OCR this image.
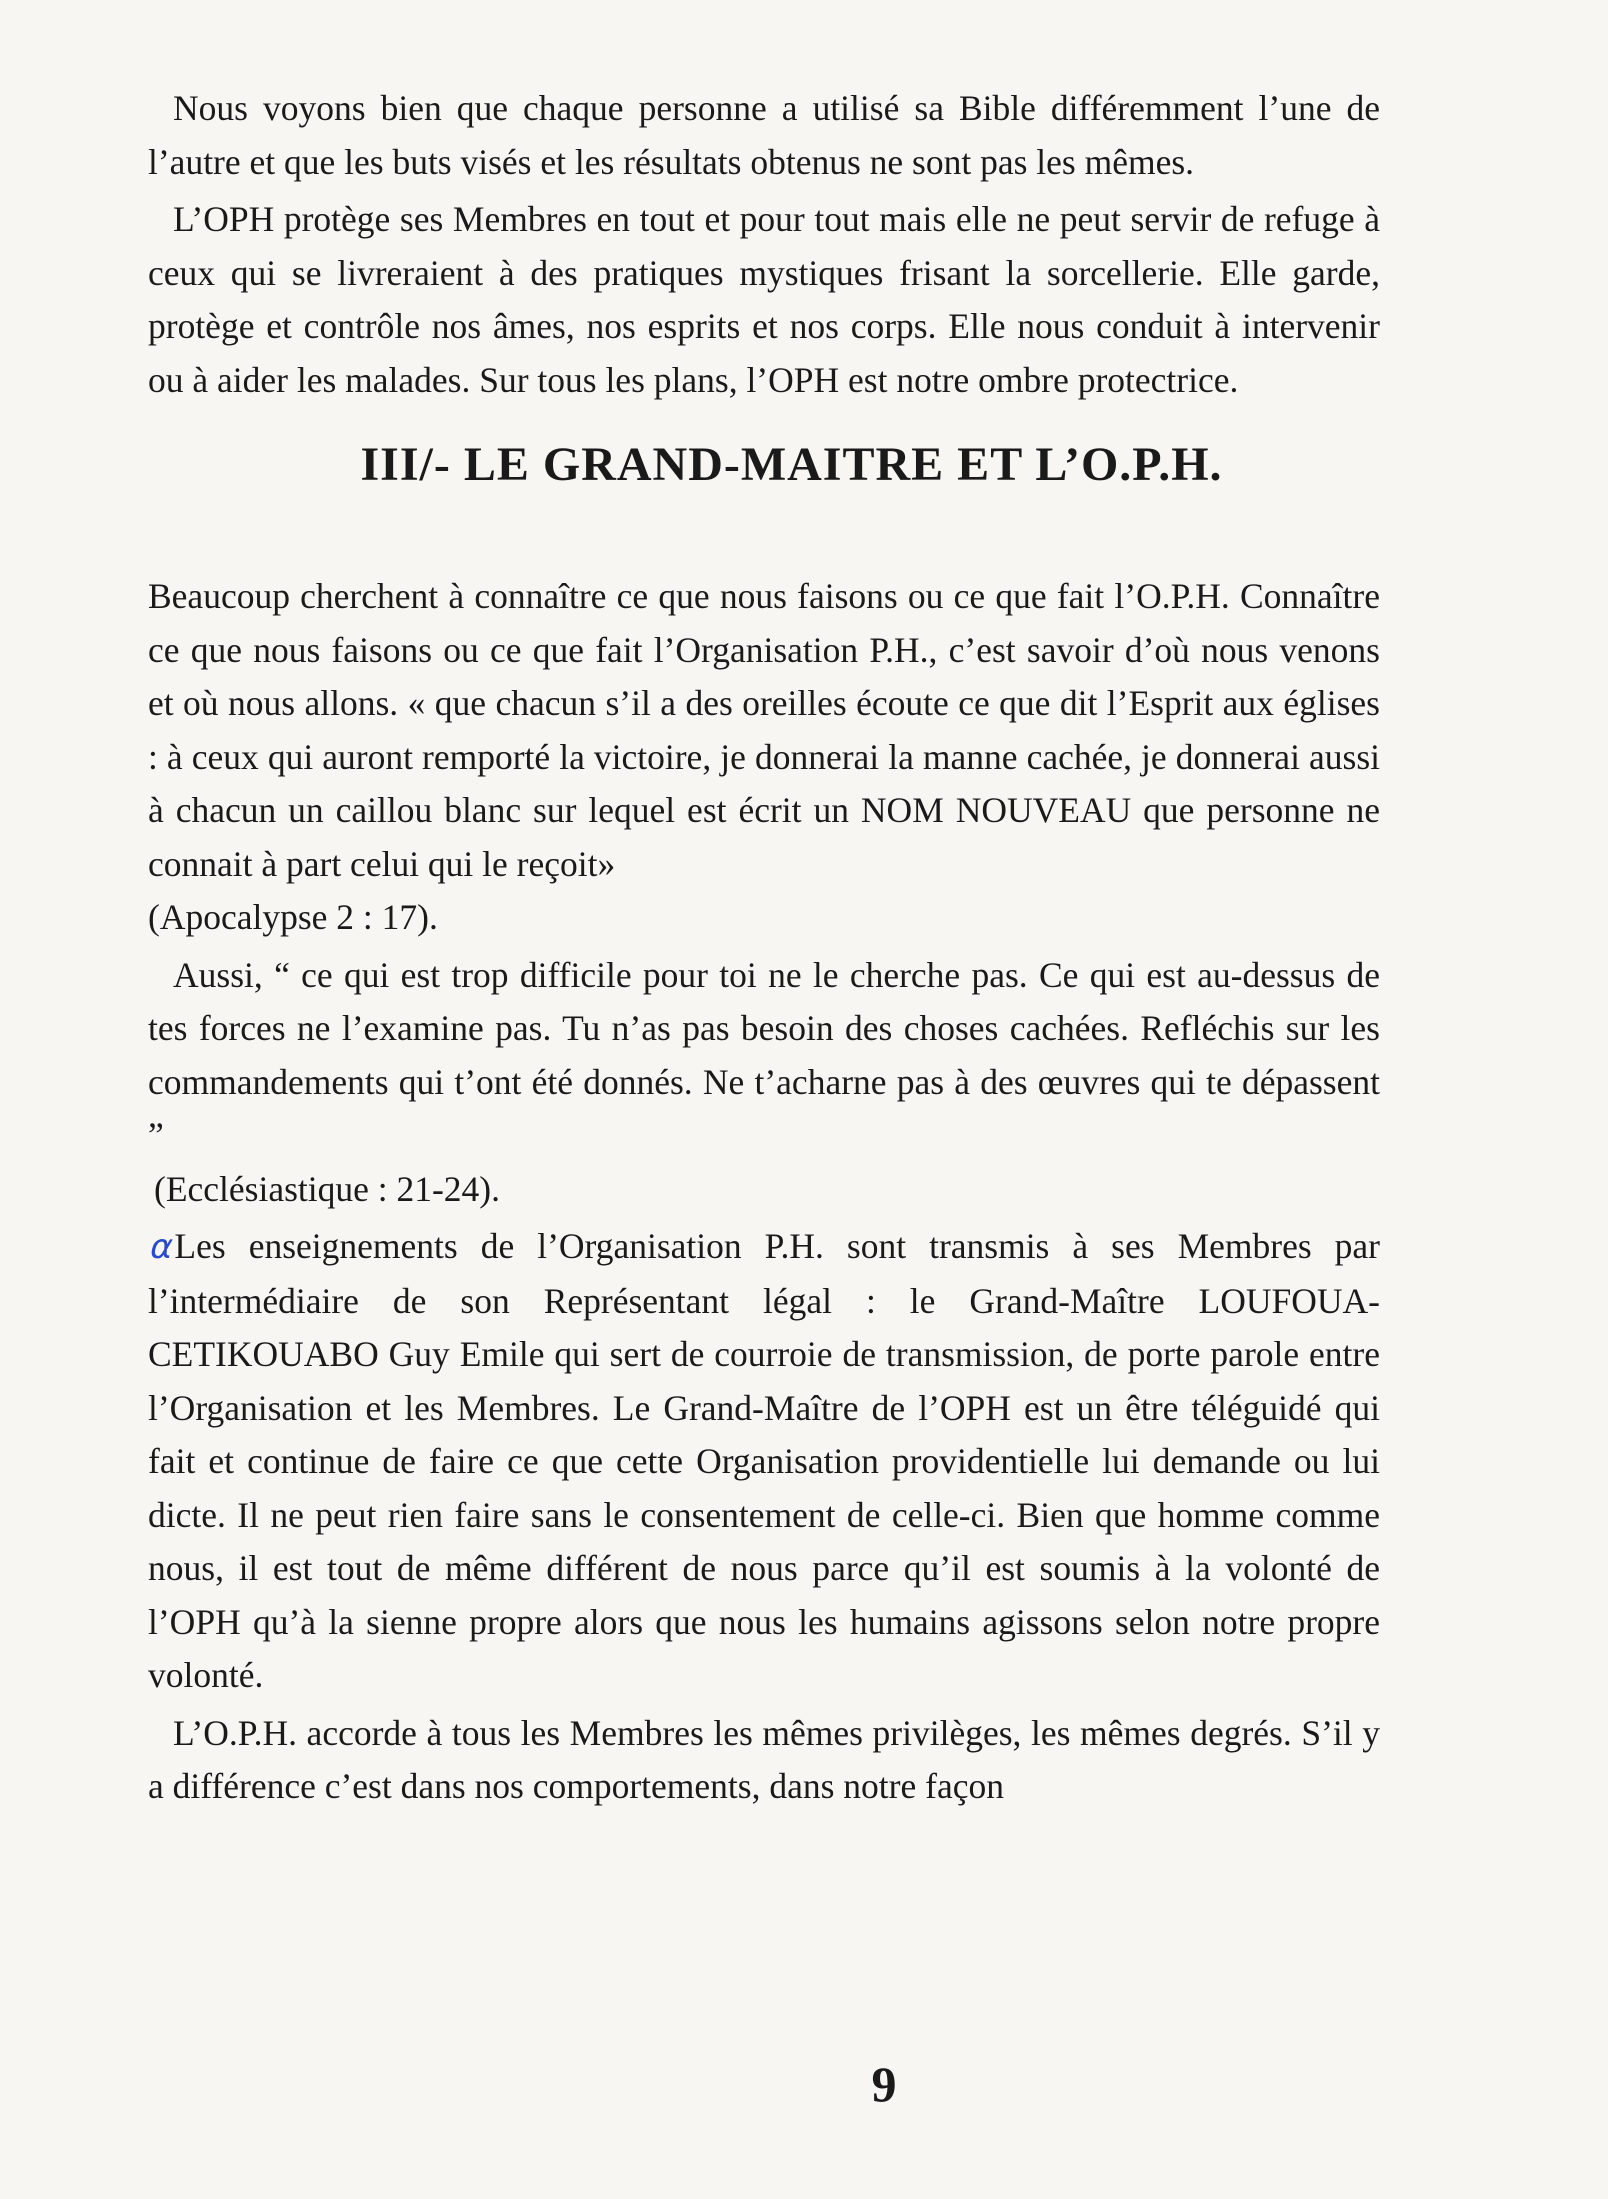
Nous voyons bien que chaque personne a utilisé sa Bible différemment l’une de l’autre et que les buts visés et les résultats obtenus ne sont pas les mêmes.

L’OPH protège ses Membres en tout et pour tout mais elle ne peut servir de refuge à ceux qui se livreraient à des pratiques mystiques frisant la sorcellerie. Elle garde, protège et contrôle nos âmes, nos esprits et nos corps. Elle nous conduit à intervenir ou à aider les malades. Sur tous les plans, l’OPH est notre ombre protectrice.

III/- LE GRAND-MAITRE ET L’O.P.H.

Beaucoup cherchent à connaître ce que nous faisons ou ce que fait l’O.P.H. Connaître ce que nous faisons ou ce que fait l’Organisation P.H., c’est savoir d’où nous venons et où nous allons. « que chacun s’il a des oreilles écoute ce que dit l’Esprit aux églises : à ceux qui auront remporté la victoire, je donnerai la manne cachée, je donnerai aussi à chacun un caillou blanc sur lequel est écrit un NOM NOUVEAU que personne ne connait à part celui qui le reçoit»

(Apocalypse 2 : 17).

Aussi, “ ce qui est trop difficile pour toi ne le cherche pas. Ce qui est au-dessus de tes forces ne l’examine pas. Tu n’as pas besoin des choses cachées. Refléchis sur les commandements qui t’ont été donnés. Ne t’acharne pas à des œuvres qui te dépassent ”

(Ecclésiastique : 21-24).

⍺ Les enseignements de l’Organisation P.H. sont transmis à ses Membres par l’intermédiaire de son Représentant légal : le Grand-Maître LOUFOUA-CETIKOUABO Guy Emile qui sert de courroie de transmission, de porte parole entre l’Organisation et les Membres. Le Grand-Maître de l’OPH est un être téléguidé qui fait et continue de faire ce que cette Organisation providentielle lui demande ou lui dicte. Il ne peut rien faire sans le consentement de celle-ci. Bien que homme comme nous, il est tout de même différent de nous parce qu’il est soumis à la volonté de l’OPH qu’à la sienne propre alors que nous les humains agissons selon notre propre volonté.

L’O.P.H. accorde à tous les Membres les mêmes privilèges, les mêmes degrés. S’il y a différence c’est dans nos comportements, dans notre façon

9
